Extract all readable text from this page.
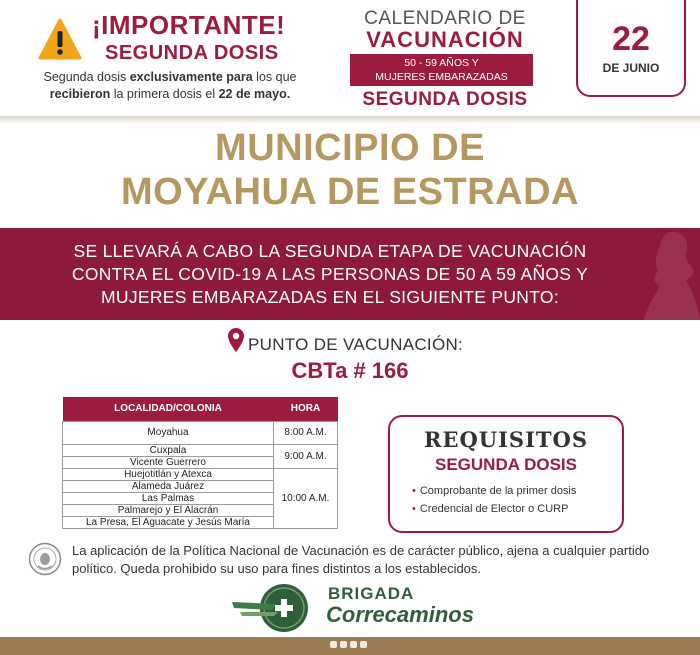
¡IMPORTANTE!
SEGUNDA DOSIS
Segunda dosis exclusivamente para los que recibieron la primera dosis el 22 de mayo.
CALENDARIO DE
VACUNACIÓN
50 - 59 AÑOS Y
MUJERES EMBARAZADAS
SEGUNDA DOSIS
22
DE JUNIO
MUNICIPIO DE
MOYAHUA DE ESTRADA
SE LLEVARÁ A CABO LA SEGUNDA ETAPA DE VACUNACIÓN
CONTRA EL COVID-19 A LAS PERSONAS DE 50 A 59 AÑOS Y
MUJERES EMBARAZADAS EN EL SIGUIENTE PUNTO:
PUNTO DE VACUNACIÓN:
CBTa # 166
LOCALIDAD/COLONIA	HORA
Moyahua	8:00 A.M.
Cuxpala	9:00 A.M.
Vicente Guerrero	
Huejotitlán y Atexca	10:00 A.M.
Alameda Juárez	
Las Palmas	
Palmarejo y El Alacrán	
La Presa, El Aguacate y Jesús María	
REQUISITOS
SEGUNDA DOSIS
• Comprobante de la primer dosis
• Credencial de Elector o CURP
La aplicación de la Política Nacional de Vacunación es de carácter público, ajena a cualquier partido político. Queda prohibido su uso para fines distintos a los establecidos.
BRIGADA
Correcaminos
